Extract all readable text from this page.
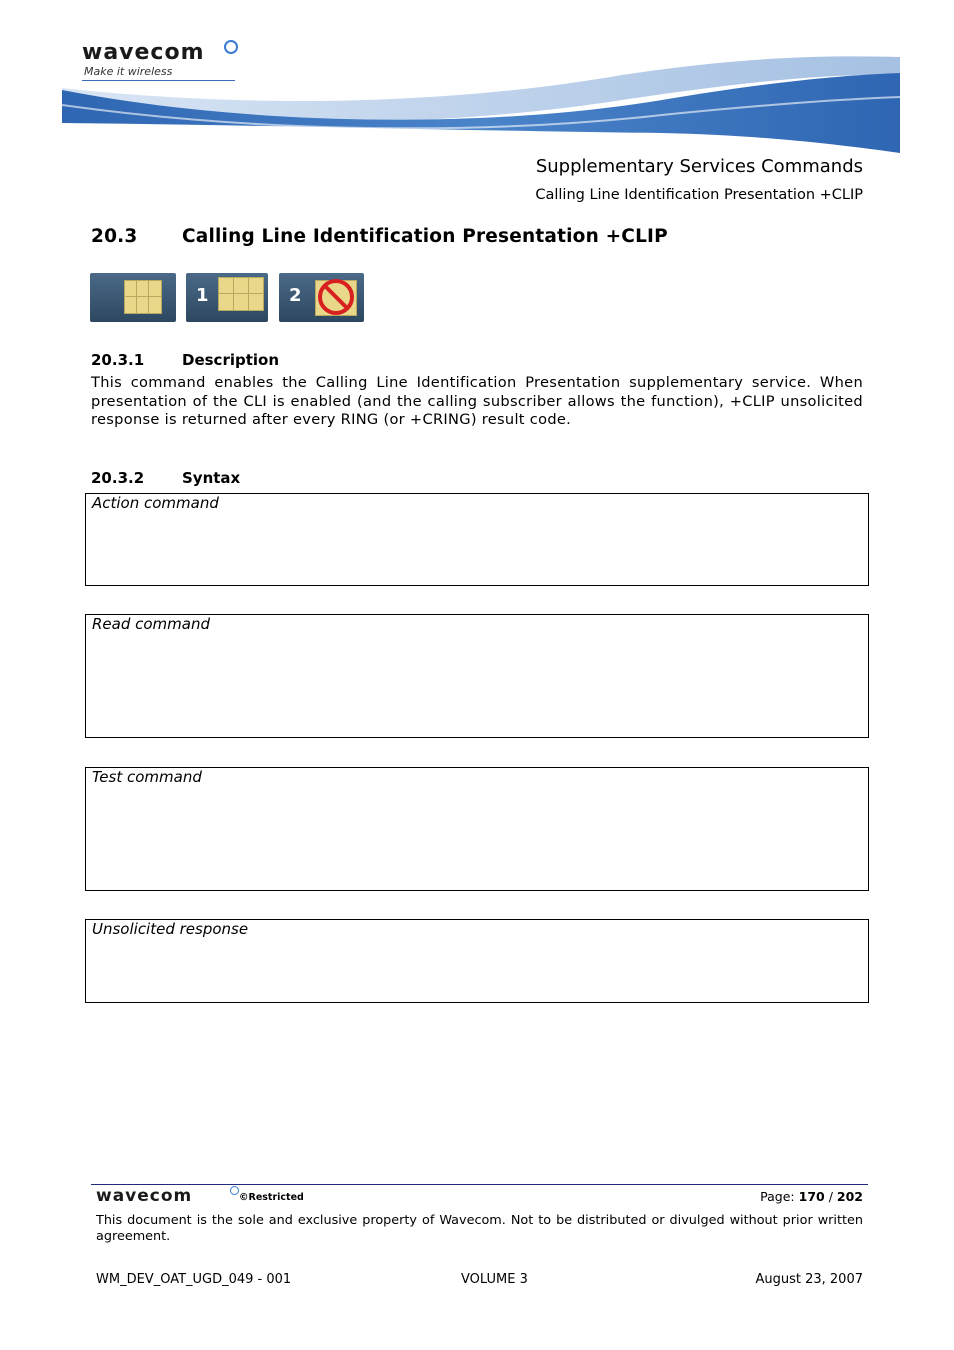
wavecom
Make it wireless
Supplementary Services Commands
Calling Line Identification Presentation +CLIP
20.3 Calling Line Identification Presentation +CLIP
1	2
20.3.1	Description
This command enables the Calling Line Identification Presentation supplementary service. When presentation of the CLI is enabled (and the calling subscriber allows the function), +CLIP unsolicited response is returned after every RING (or +CRING) result code.
20.3.2	Syntax
Action command
Read command
Test command
Unsolicited response
wavecom	©Restricted	Page: 170 / 202
This document is the sole and exclusive property of Wavecom. Not to be distributed or divulged without prior written agreement.
WM_DEV_OAT_UGD_049 - 001	VOLUME 3	August 23, 2007
